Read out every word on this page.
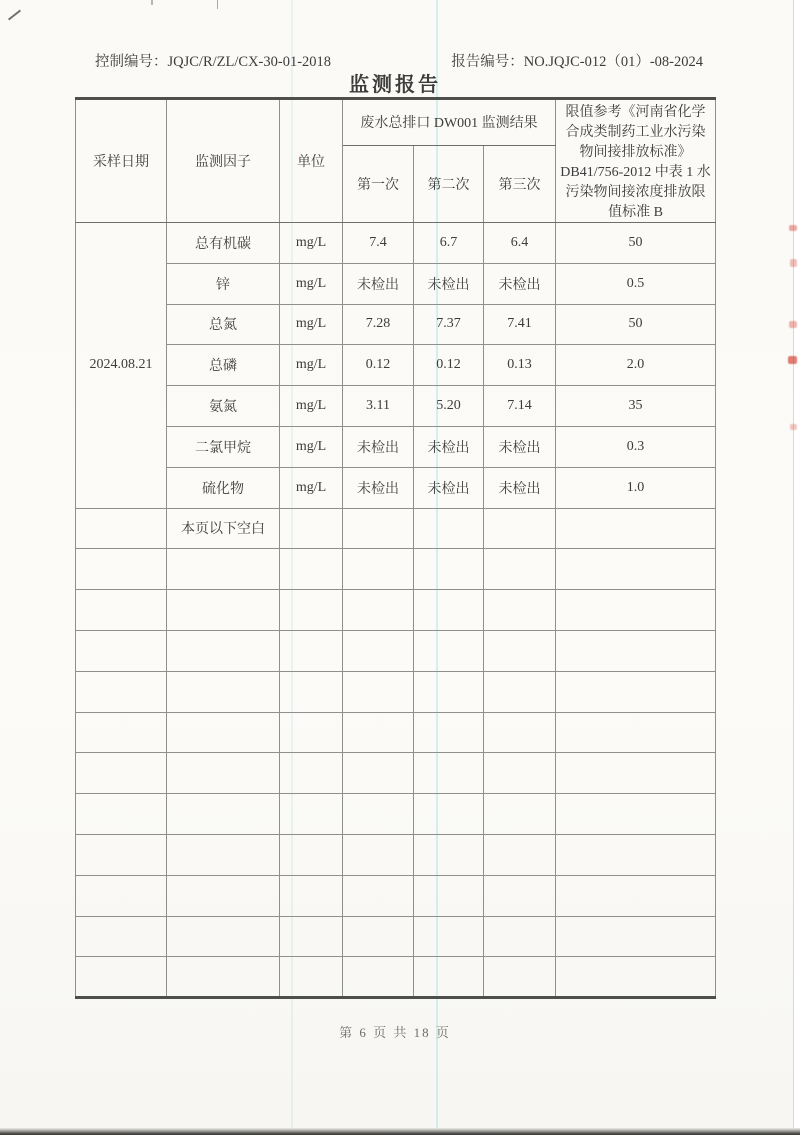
控制编号：JQJC/R/ZL/CX-30-01-2018	报告编号：NO.JQJC-012（01）-08-2024
监测报告
采样日期	监测因子	单位	废水总排口 DW001 监测结果			限值参考《河南省化学合成类制药工业水污染物间接排放标准》DB41/756-2012 中表 1 水污染物间接浓度排放限值标准 B
			第一次	第二次	第三次	
2024.08.21	总有机碳	mg/L	7.4	6.7	6.4	50
	锌	mg/L	未检出	未检出	未检出	0.5
	总氮	mg/L	7.28	7.37	7.41	50
	总磷	mg/L	0.12	0.12	0.13	2.0
	氨氮	mg/L	3.11	5.20	7.14	35
	二氯甲烷	mg/L	未检出	未检出	未检出	0.3
	硫化物	mg/L	未检出	未检出	未检出	1.0
	本页以下空白					

第 6 页 共 18 页
